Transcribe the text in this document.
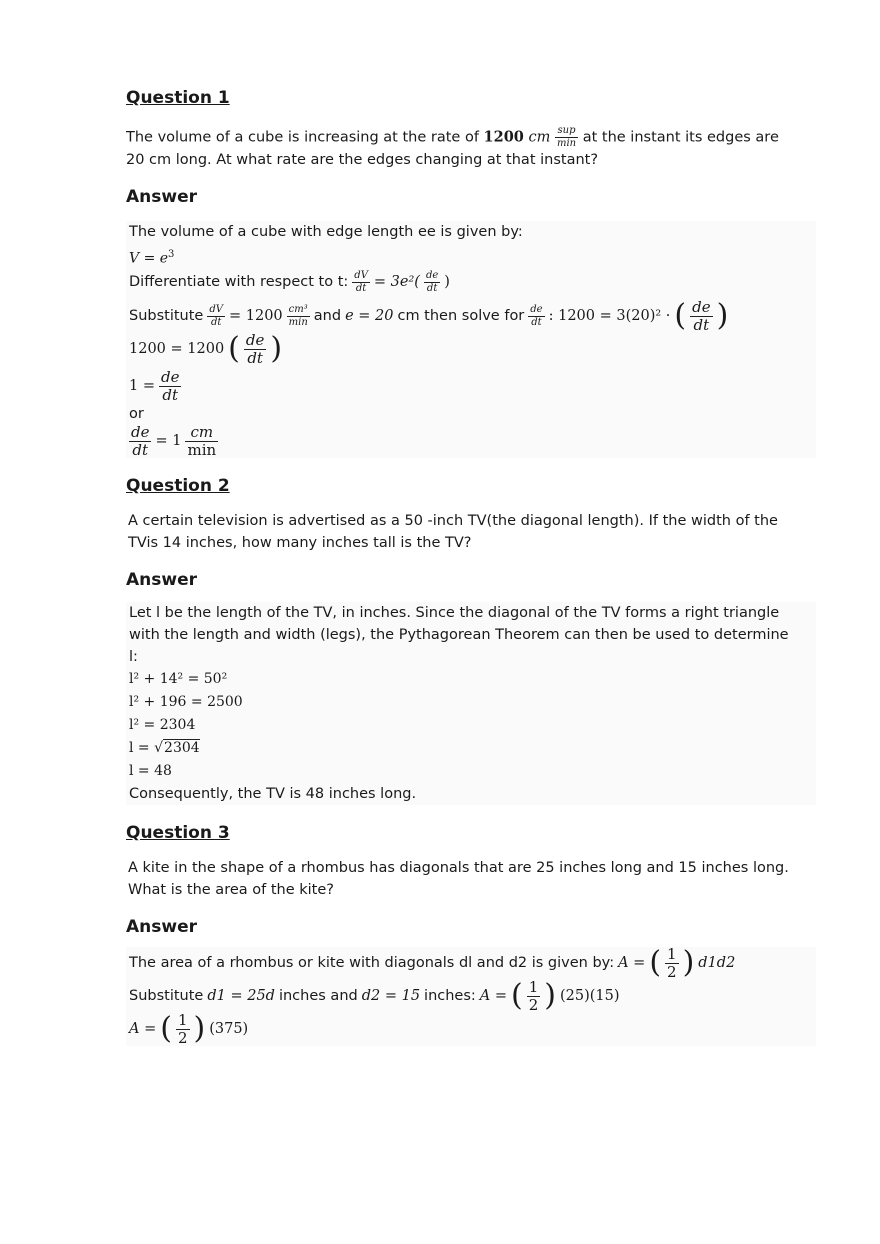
Question 1

The volume of a cube is increasing at the rate of 1200 cm $\frac{\text{sup}}{\min}$ at the instant its edges are
20 cm long. At what rate are the edges changing at that instant?

Answer

The volume of a cube with edge length ee is given by:

$V = e^3$

Differentiate with respect to t: $\frac{dV}{dt} = 3e^2( \frac{de}{dt}$ )

Substitute $\frac{dV}{dt} = 1200 \frac{\text{cm³}}{\min}$ and e = 20 cm then solve for $\frac{de}{dt}$ : 1200 = 3(20)² · ( $\frac{de}{dt}$ )

1200 = 1200 ( $\frac{de}{dt}$ )

$1 = \frac{de}{dt}$

or

$\frac{de}{dt} = 1 \frac{cm}{\min}$

Question 2

A certain television is advertised as a 50 -inch TV(the diagonal length). If the width of the
TVis 14 inches, how many inches tall is the TV?

Answer

Let l be the length of the TV, in inches. Since the diagonal of the TV forms a right triangle
with the length and width (legs), the Pythagorean Theorem can then be used to determine
l:

l² + 14² = 50²

l² + 196 = 2500

l² = 2304

l = √2304

l = 48

Consequently, the TV is 48 inches long.

Question 3

A kite in the shape of a rhombus has diagonals that are 25 inches long and 15 inches long.
What is the area of the kite?

Answer

The area of a rhombus or kite with diagonals dl and d2 is given by: A = ( $\frac{1}{2}$ ) d1d2

Substitute d1 = 25d inches and d2 = 15 inches: A = ( $\frac{1}{2}$ ) (25)(15)

A = ( $\frac{1}{2}$ ) (375)
